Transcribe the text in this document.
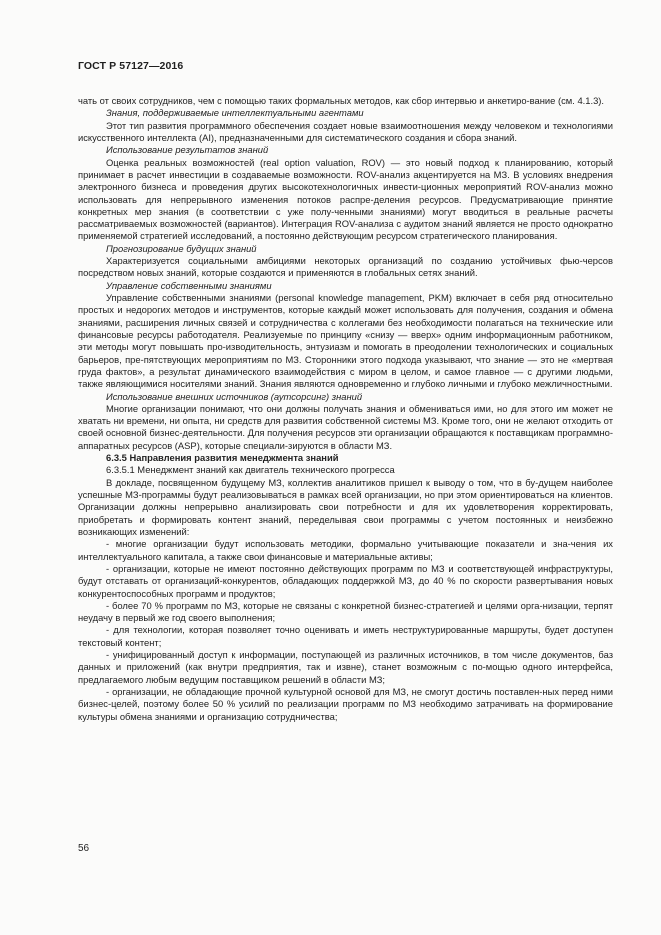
ГОСТ Р 57127—2016

чать от своих сотрудников, чем с помощью таких формальных методов, как сбор интервью и анкетиро-вание (см. 4.1.3).

Знания, поддерживаемые интеллектуальными агентами

Этот тип развития программного обеспечения создает новые взаимоотношения между человеком и технологиями искусственного интеллекта (AI), предназначенными для систематического создания и сбора знаний.

Использование результатов знаний

Оценка реальных возможностей (real option valuation, ROV) — это новый подход к планированию, который принимает в расчет инвестиции в создаваемые возможности. ROV-анализ акцентируется на МЗ. В условиях внедрения электронного бизнеса и проведения других высокотехнологичных инвести-ционных мероприятий ROV-анализ можно использовать для непрерывного изменения потоков распре-деления ресурсов. Предусматривающие принятие конкретных мер знания (в соответствии с уже полу-ченными знаниями) могут вводиться в реальные расчеты рассматриваемых возможностей (вариантов). Интеграция ROV-анализа с аудитом знаний является не просто однократно применяемой стратегией исследований, а постоянно действующим ресурсом стратегического планирования.

Прогнозирование будущих знаний

Характеризуется социальными амбициями некоторых организаций по созданию устойчивых фью-черсов посредством новых знаний, которые создаются и применяются в глобальных сетях знаний.

Управление собственными знаниями

Управление собственными знаниями (personal knowledge management, PKM) включает в себя ряд относительно простых и недорогих методов и инструментов, которые каждый может использовать для получения, создания и обмена знаниями, расширения личных связей и сотрудничества с коллегами без необходимости полагаться на технические или финансовые ресурсы работодателя. Реализуемые по принципу «снизу — вверх» одним информационным работником, эти методы могут повышать про-изводительность, энтузиазм и помогать в преодолении технологических и социальных барьеров, пре-пятствующих мероприятиям по МЗ. Сторонники этого подхода указывают, что знание — это не «мертвая груда фактов», а результат динамического взаимодействия с миром в целом, и самое главное — с другими людьми, также являющимися носителями знаний. Знания являются одновременно и глубоко личными и глубоко межличностными.

Использование внешних источников (аутсорсинг) знаний

Многие организации понимают, что они должны получать знания и обмениваться ими, но для этого им может не хватать ни времени, ни опыта, ни средств для развития собственной системы МЗ. Кроме того, они не желают отходить от своей основной бизнес-деятельности. Для получения ресурсов эти организации обращаются к поставщикам программно-аппаратных ресурсов (ASP), которые специали-зируются в области МЗ.

6.3.5 Направления развития менеджмента знаний

6.3.5.1 Менеджмент знаний как двигатель технического прогресса

В докладе, посвященном будущему МЗ, коллектив аналитиков пришел к выводу о том, что в бу-дущем наиболее успешные МЗ-программы будут реализовываться в рамках всей организации, но при этом ориентироваться на клиентов. Организации должны непрерывно анализировать свои потребности и для их удовлетворения корректировать, приобретать и формировать контент знаний, переделывая свои программы с учетом постоянных и неизбежно возникающих изменений:

- многие организации будут использовать методики, формально учитывающие показатели и зна-чения их интеллектуального капитала, а также свои финансовые и материальные активы;

- организации, которые не имеют постоянно действующих программ по МЗ и соответствующей инфраструктуры, будут отставать от организаций-конкурентов, обладающих поддержкой МЗ, до 40 % по скорости развертывания новых конкурентоспособных программ и продуктов;

- более 70 % программ по МЗ, которые не связаны с конкретной бизнес-стратегией и целями орга-низации, терпят неудачу в первый же год своего выполнения;

- для технологии, которая позволяет точно оценивать и иметь неструктурированные маршруты, будет доступен текстовый контент;

- унифицированный доступ к информации, поступающей из различных источников, в том числе документов, баз данных и приложений (как внутри предприятия, так и извне), станет возможным с по-мощью одного интерфейса, предлагаемого любым ведущим поставщиком решений в области МЗ;

- организации, не обладающие прочной культурной основой для МЗ, не смогут достичь поставлен-ных перед ними бизнес-целей, поэтому более 50 % усилий по реализации программ по МЗ необходимо затрачивать на формирование культуры обмена знаниями и организацию сотрудничества;

56
